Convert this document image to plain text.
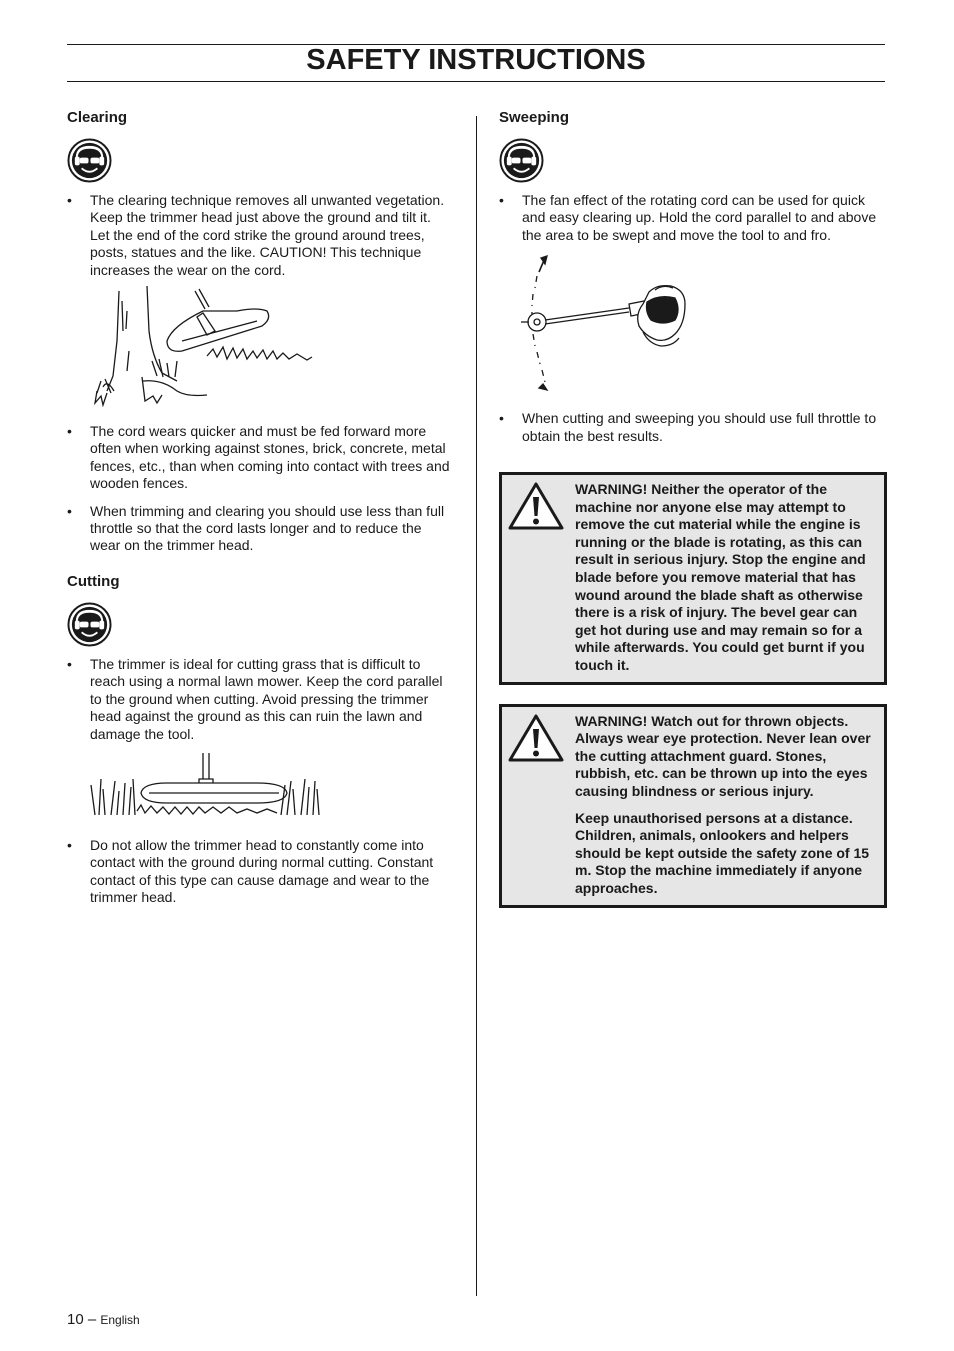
SAFETY INSTRUCTIONS
Clearing
• The clearing technique removes all unwanted vegetation. Keep the trimmer head just above the ground and tilt it. Let the end of the cord strike the ground around trees, posts, statues and the like. CAUTION! This technique increases the wear on the cord.
• The cord wears quicker and must be fed forward more often when working against stones, brick, concrete, metal fences, etc., than when coming into contact with trees and wooden fences.
• When trimming and clearing you should use less than full throttle so that the cord lasts longer and to reduce the wear on the trimmer head.
Cutting
• The trimmer is ideal for cutting grass that is difficult to reach using a normal lawn mower. Keep the cord parallel to the ground when cutting. Avoid pressing the trimmer head against the ground as this can ruin the lawn and damage the tool.
• Do not allow the trimmer head to constantly come into contact with the ground during normal cutting. Constant contact of this type can cause damage and wear to the trimmer head.
Sweeping
• The fan effect of the rotating cord can be used for quick and easy clearing up. Hold the cord parallel to and above the area to be swept and move the tool to and fro.
• When cutting and sweeping you should use full throttle to obtain the best results.

WARNING! Neither the operator of the machine nor anyone else may attempt to remove the cut material while the engine is running or the blade is rotating, as this can result in serious injury. Stop the engine and blade before you remove material that has wound around the blade shaft as otherwise there is a risk of injury. The bevel gear can get hot during use and may remain so for a while afterwards. You could get burnt if you touch it.

WARNING! Watch out for thrown objects. Always wear eye protection. Never lean over the cutting attachment guard. Stones, rubbish, etc. can be thrown up into the eyes causing blindness or serious injury.

Keep unauthorised persons at a distance. Children, animals, onlookers and helpers should be kept outside the safety zone of 15 m. Stop the machine immediately if anyone approaches.

10 – English
